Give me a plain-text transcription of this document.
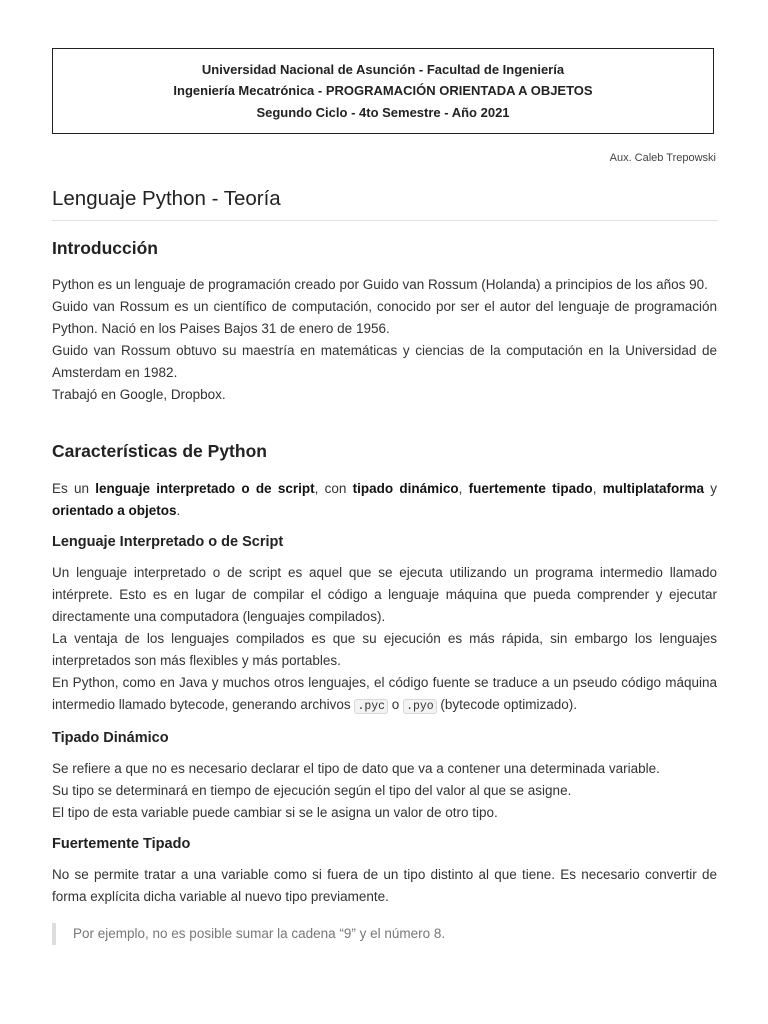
Universidad Nacional de Asunción - Facultad de Ingeniería
Ingeniería Mecatrónica - PROGRAMACIÓN ORIENTADA A OBJETOS
Segundo Ciclo - 4to Semestre - Año 2021
Aux. Caleb Trepowski
Lenguaje Python - Teoría
Introducción

Python es un lenguaje de programación creado por Guido van Rossum (Holanda) a principios de los años 90.
Guido van Rossum es un científico de computación, conocido por ser el autor del lenguaje de programación Python. Nació en los Paises Bajos 31 de enero de 1956.
Guido van Rossum obtuvo su maestría en matemáticas y ciencias de la computación en la Universidad de Amsterdam en 1982.
Trabajó en Google, Dropbox.

Características de Python

Es un lenguaje interpretado o de script, con tipado dinámico, fuertemente tipado, multiplataforma y orientado a objetos.

Lenguaje Interpretado o de Script

Un lenguaje interpretado o de script es aquel que se ejecuta utilizando un programa intermedio llamado intérprete. Esto es en lugar de compilar el código a lenguaje máquina que pueda comprender y ejecutar directamente una computadora (lenguajes compilados).
La ventaja de los lenguajes compilados es que su ejecución es más rápida, sin embargo los lenguajes interpretados son más flexibles y más portables.
En Python, como en Java y muchos otros lenguajes, el código fuente se traduce a un pseudo código máquina intermedio llamado bytecode, generando archivos .pyc o .pyo (bytecode optimizado).

Tipado Dinámico

Se refiere a que no es necesario declarar el tipo de dato que va a contener una determinada variable.
Su tipo se determinará en tiempo de ejecución según el tipo del valor al que se asigne.
El tipo de esta variable puede cambiar si se le asigna un valor de otro tipo.

Fuertemente Tipado

No se permite tratar a una variable como si fuera de un tipo distinto al que tiene. Es necesario convertir de forma explícita dicha variable al nuevo tipo previamente.

Por ejemplo, no es posible sumar la cadena “9” y el número 8.
